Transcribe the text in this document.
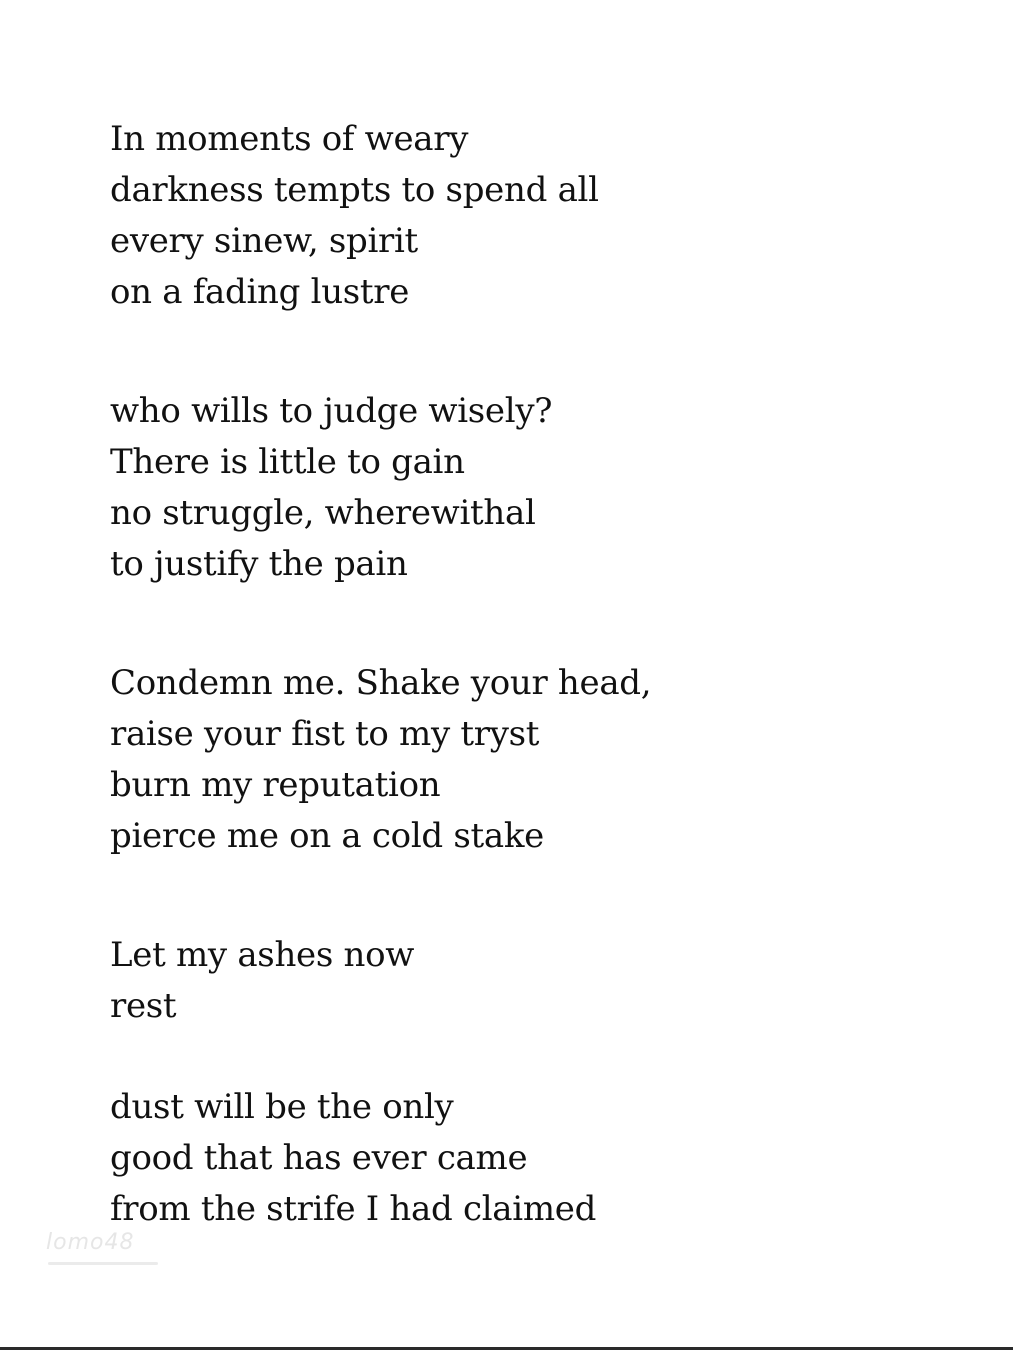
In moments of weary
darkness tempts to spend all
every sinew, spirit
on a fading lustre
who wills to judge wisely?
There is little to gain
no struggle, wherewithal
to justify the pain
Condemn me. Shake your head,
raise your fist to my tryst
burn my reputation
pierce me on a cold stake
Let my ashes now
rest
dust will be the only
good that has ever came
from the strife I had claimed
lomo48
